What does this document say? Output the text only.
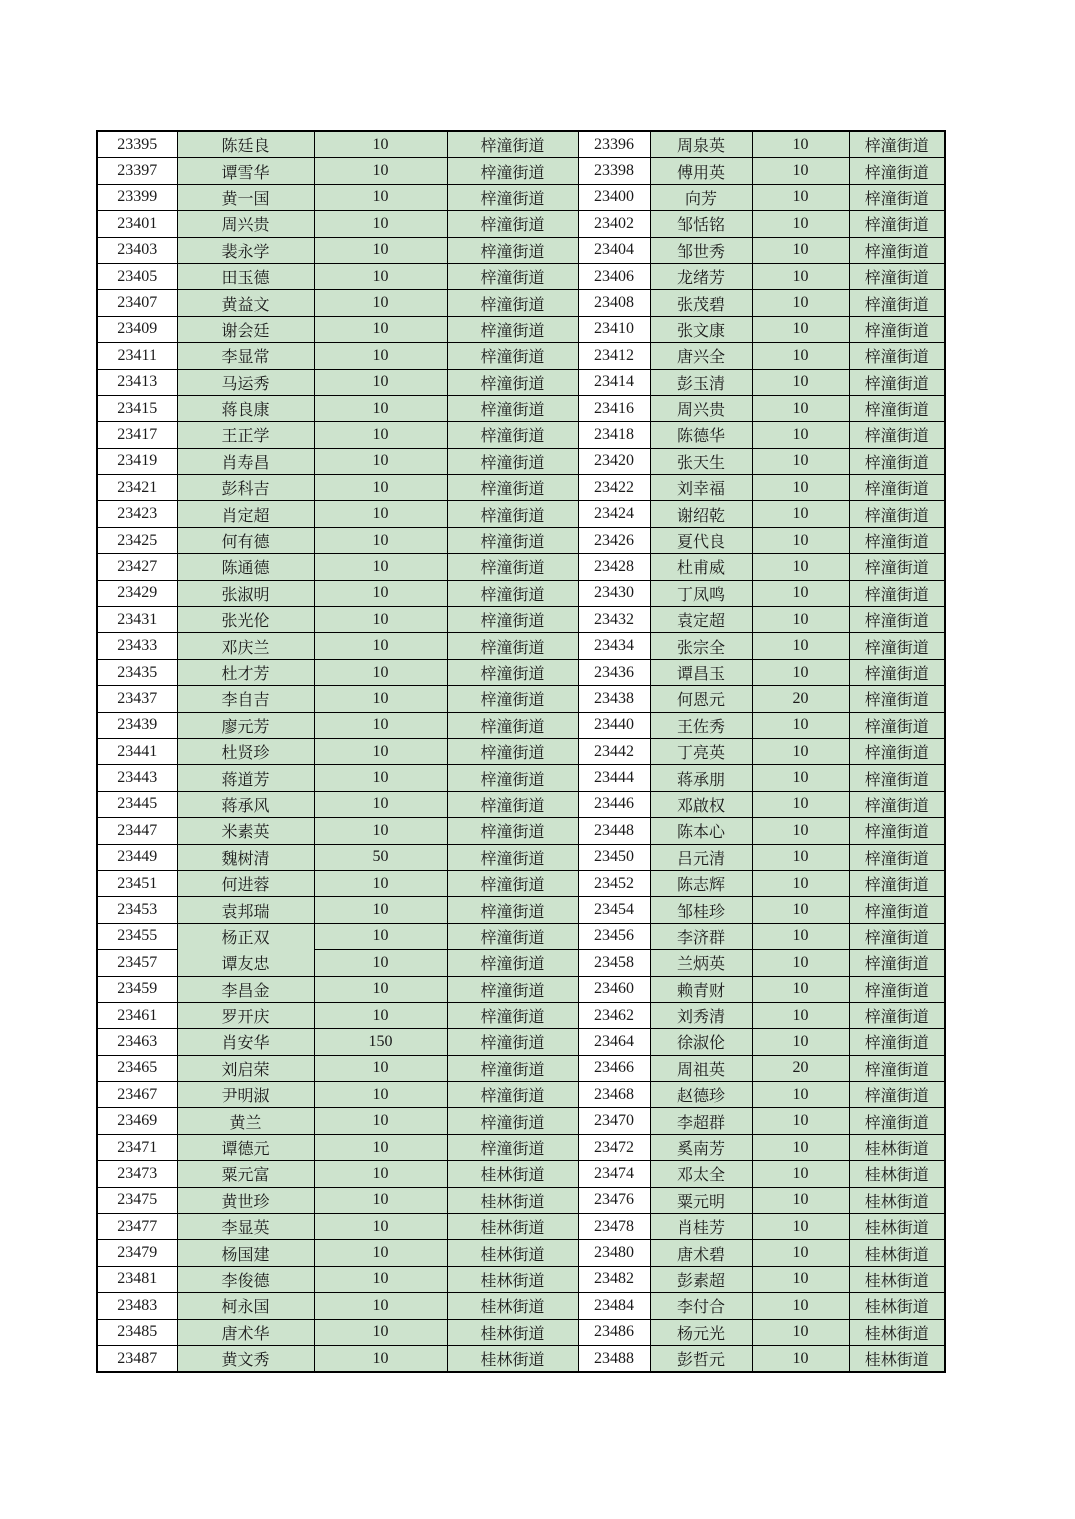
23395	陈廷良	10	梓潼街道	23396	周泉英	10	梓潼街道
23397	谭雪华	10	梓潼街道	23398	傅用英	10	梓潼街道
23399	黄一国	10	梓潼街道	23400	向芳	10	梓潼街道
23401	周兴贵	10	梓潼街道	23402	邹恬铭	10	梓潼街道
23403	裴永学	10	梓潼街道	23404	邹世秀	10	梓潼街道
23405	田玉德	10	梓潼街道	23406	龙绪芳	10	梓潼街道
23407	黄益文	10	梓潼街道	23408	张茂碧	10	梓潼街道
23409	谢会廷	10	梓潼街道	23410	张文康	10	梓潼街道
23411	李显常	10	梓潼街道	23412	唐兴全	10	梓潼街道
23413	马运秀	10	梓潼街道	23414	彭玉清	10	梓潼街道
23415	蒋良康	10	梓潼街道	23416	周兴贵	10	梓潼街道
23417	王正学	10	梓潼街道	23418	陈德华	10	梓潼街道
23419	肖寿昌	10	梓潼街道	23420	张天生	10	梓潼街道
23421	彭科吉	10	梓潼街道	23422	刘幸福	10	梓潼街道
23423	肖定超	10	梓潼街道	23424	谢绍乾	10	梓潼街道
23425	何有德	10	梓潼街道	23426	夏代良	10	梓潼街道
23427	陈通德	10	梓潼街道	23428	杜甫威	10	梓潼街道
23429	张淑明	10	梓潼街道	23430	丁凤鸣	10	梓潼街道
23431	张光伦	10	梓潼街道	23432	袁定超	10	梓潼街道
23433	邓庆兰	10	梓潼街道	23434	张宗全	10	梓潼街道
23435	杜才芳	10	梓潼街道	23436	谭昌玉	10	梓潼街道
23437	李自吉	10	梓潼街道	23438	何恩元	20	梓潼街道
23439	廖元芳	10	梓潼街道	23440	王佐秀	10	梓潼街道
23441	杜贤珍	10	梓潼街道	23442	丁亮英	10	梓潼街道
23443	蒋道芳	10	梓潼街道	23444	蒋承朋	10	梓潼街道
23445	蒋承风	10	梓潼街道	23446	邓啟权	10	梓潼街道
23447	米素英	10	梓潼街道	23448	陈本心	10	梓潼街道
23449	魏树清	50	梓潼街道	23450	吕元清	10	梓潼街道
23451	何进蓉	10	梓潼街道	23452	陈志辉	10	梓潼街道
23453	袁邦瑞	10	梓潼街道	23454	邹桂珍	10	梓潼街道
23455	杨正双	10	梓潼街道	23456	李济群	10	梓潼街道
23457	谭友忠	10	梓潼街道	23458	兰炳英	10	梓潼街道
23459	李昌金	10	梓潼街道	23460	赖青财	10	梓潼街道
23461	罗开庆	10	梓潼街道	23462	刘秀清	10	梓潼街道
23463	肖安华	150	梓潼街道	23464	徐淑伦	10	梓潼街道
23465	刘启荣	10	梓潼街道	23466	周祖英	20	梓潼街道
23467	尹明淑	10	梓潼街道	23468	赵德珍	10	梓潼街道
23469	黄兰	10	梓潼街道	23470	李超群	10	梓潼街道
23471	谭德元	10	梓潼街道	23472	奚南芳	10	桂林街道
23473	粟元富	10	桂林街道	23474	邓太全	10	桂林街道
23475	黄世珍	10	桂林街道	23476	粟元明	10	桂林街道
23477	李显英	10	桂林街道	23478	肖桂芳	10	桂林街道
23479	杨国建	10	桂林街道	23480	唐术碧	10	桂林街道
23481	李俊德	10	桂林街道	23482	彭素超	10	桂林街道
23483	柯永国	10	桂林街道	23484	李付合	10	桂林街道
23485	唐术华	10	桂林街道	23486	杨元光	10	桂林街道
23487	黄文秀	10	桂林街道	23488	彭哲元	10	桂林街道
